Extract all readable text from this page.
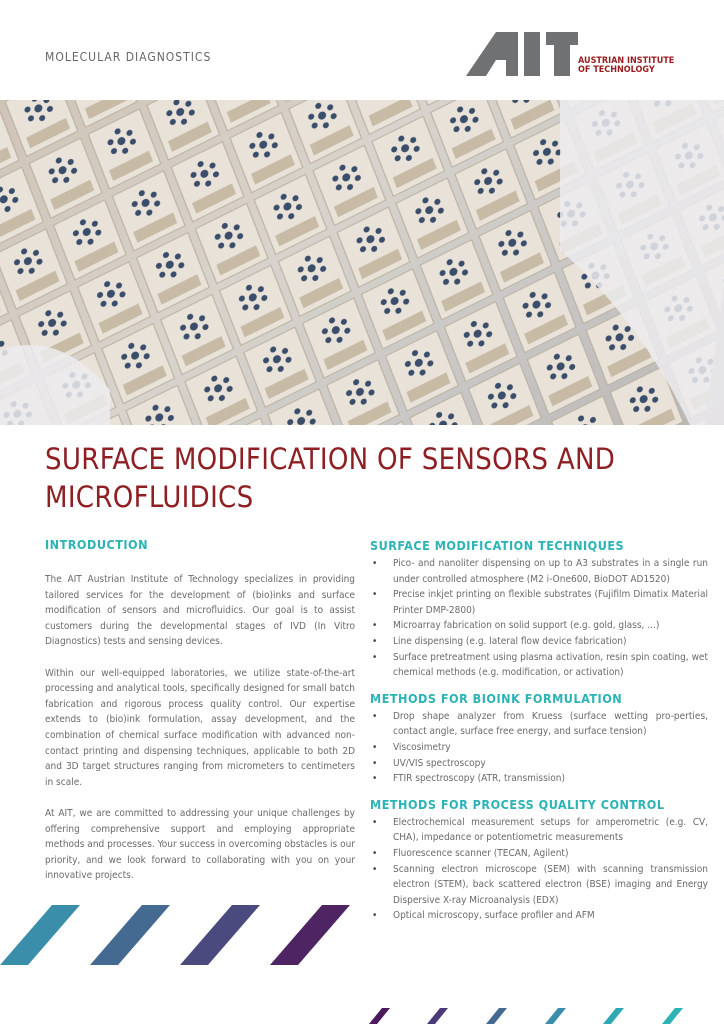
MOLECULAR DIAGNOSTICS	AUSTRIAN INSTITUTE
OF TECHNOLOGY
SURFACE MODIFICATION OF SENSORS AND MICROFLUIDICS
INTRODUCTION

The AIT Austrian Institute of Technology specializes in providing tailored services for the development of (bio)inks and surface modification of sensors and microfluidics. Our goal is to assist customers during the developmental stages of IVD (In Vitro Diagnostics) tests and sensing devices.

Within our well-equipped laboratories, we utilize state-of-the-art processing and analytical tools, specifically designed for small batch fabrication and rigorous process quality control. Our expertise extends to (bio)ink formulation, assay development, and the combination of chemical surface modification with advanced non-contact printing and dispensing techniques, applicable to both 2D and 3D target structures ranging from micrometers to centimeters in scale.

At AIT, we are committed to addressing your unique challenges by offering comprehensive support and employing appropriate methods and processes. Your success in overcoming obstacles is our priority, and we look forward to collaborating with you on your innovative projects.

SURFACE MODIFICATION TECHNIQUES
• Pico- and nanoliter dispensing on up to A3 substrates in a single run under controlled atmosphere (M2 i-One600, BioDOT AD1520)
• Precise inkjet printing on flexible substrates (Fujifilm Dimatix Material Printer DMP-2800)
• Microarray fabrication on solid support (e.g. gold, glass, ...)
• Line dispensing (e.g. lateral flow device fabrication)
• Surface pretreatment using plasma activation, resin spin coating, wet chemical methods (e.g. modification, or activation)
METHODS FOR BIOINK FORMULATION
• Drop shape analyzer from Kruess (surface wetting pro-perties, contact angle, surface free energy, and surface tension)
• Viscosimetry
• UV/VIS spectroscopy
• FTIR spectroscopy (ATR, transmission)
METHODS FOR PROCESS QUALITY CONTROL
• Electrochemical measurement setups for amperometric (e.g. CV, CHA), impedance or potentiometric measurements
• Fluorescence scanner (TECAN, Agilent)
• Scanning electron microscope (SEM) with scanning transmission electron (STEM), back scattered electron (BSE) imaging and Energy Dispersive X-ray Microanalysis (EDX)
• Optical microscopy, surface profiler and AFM
